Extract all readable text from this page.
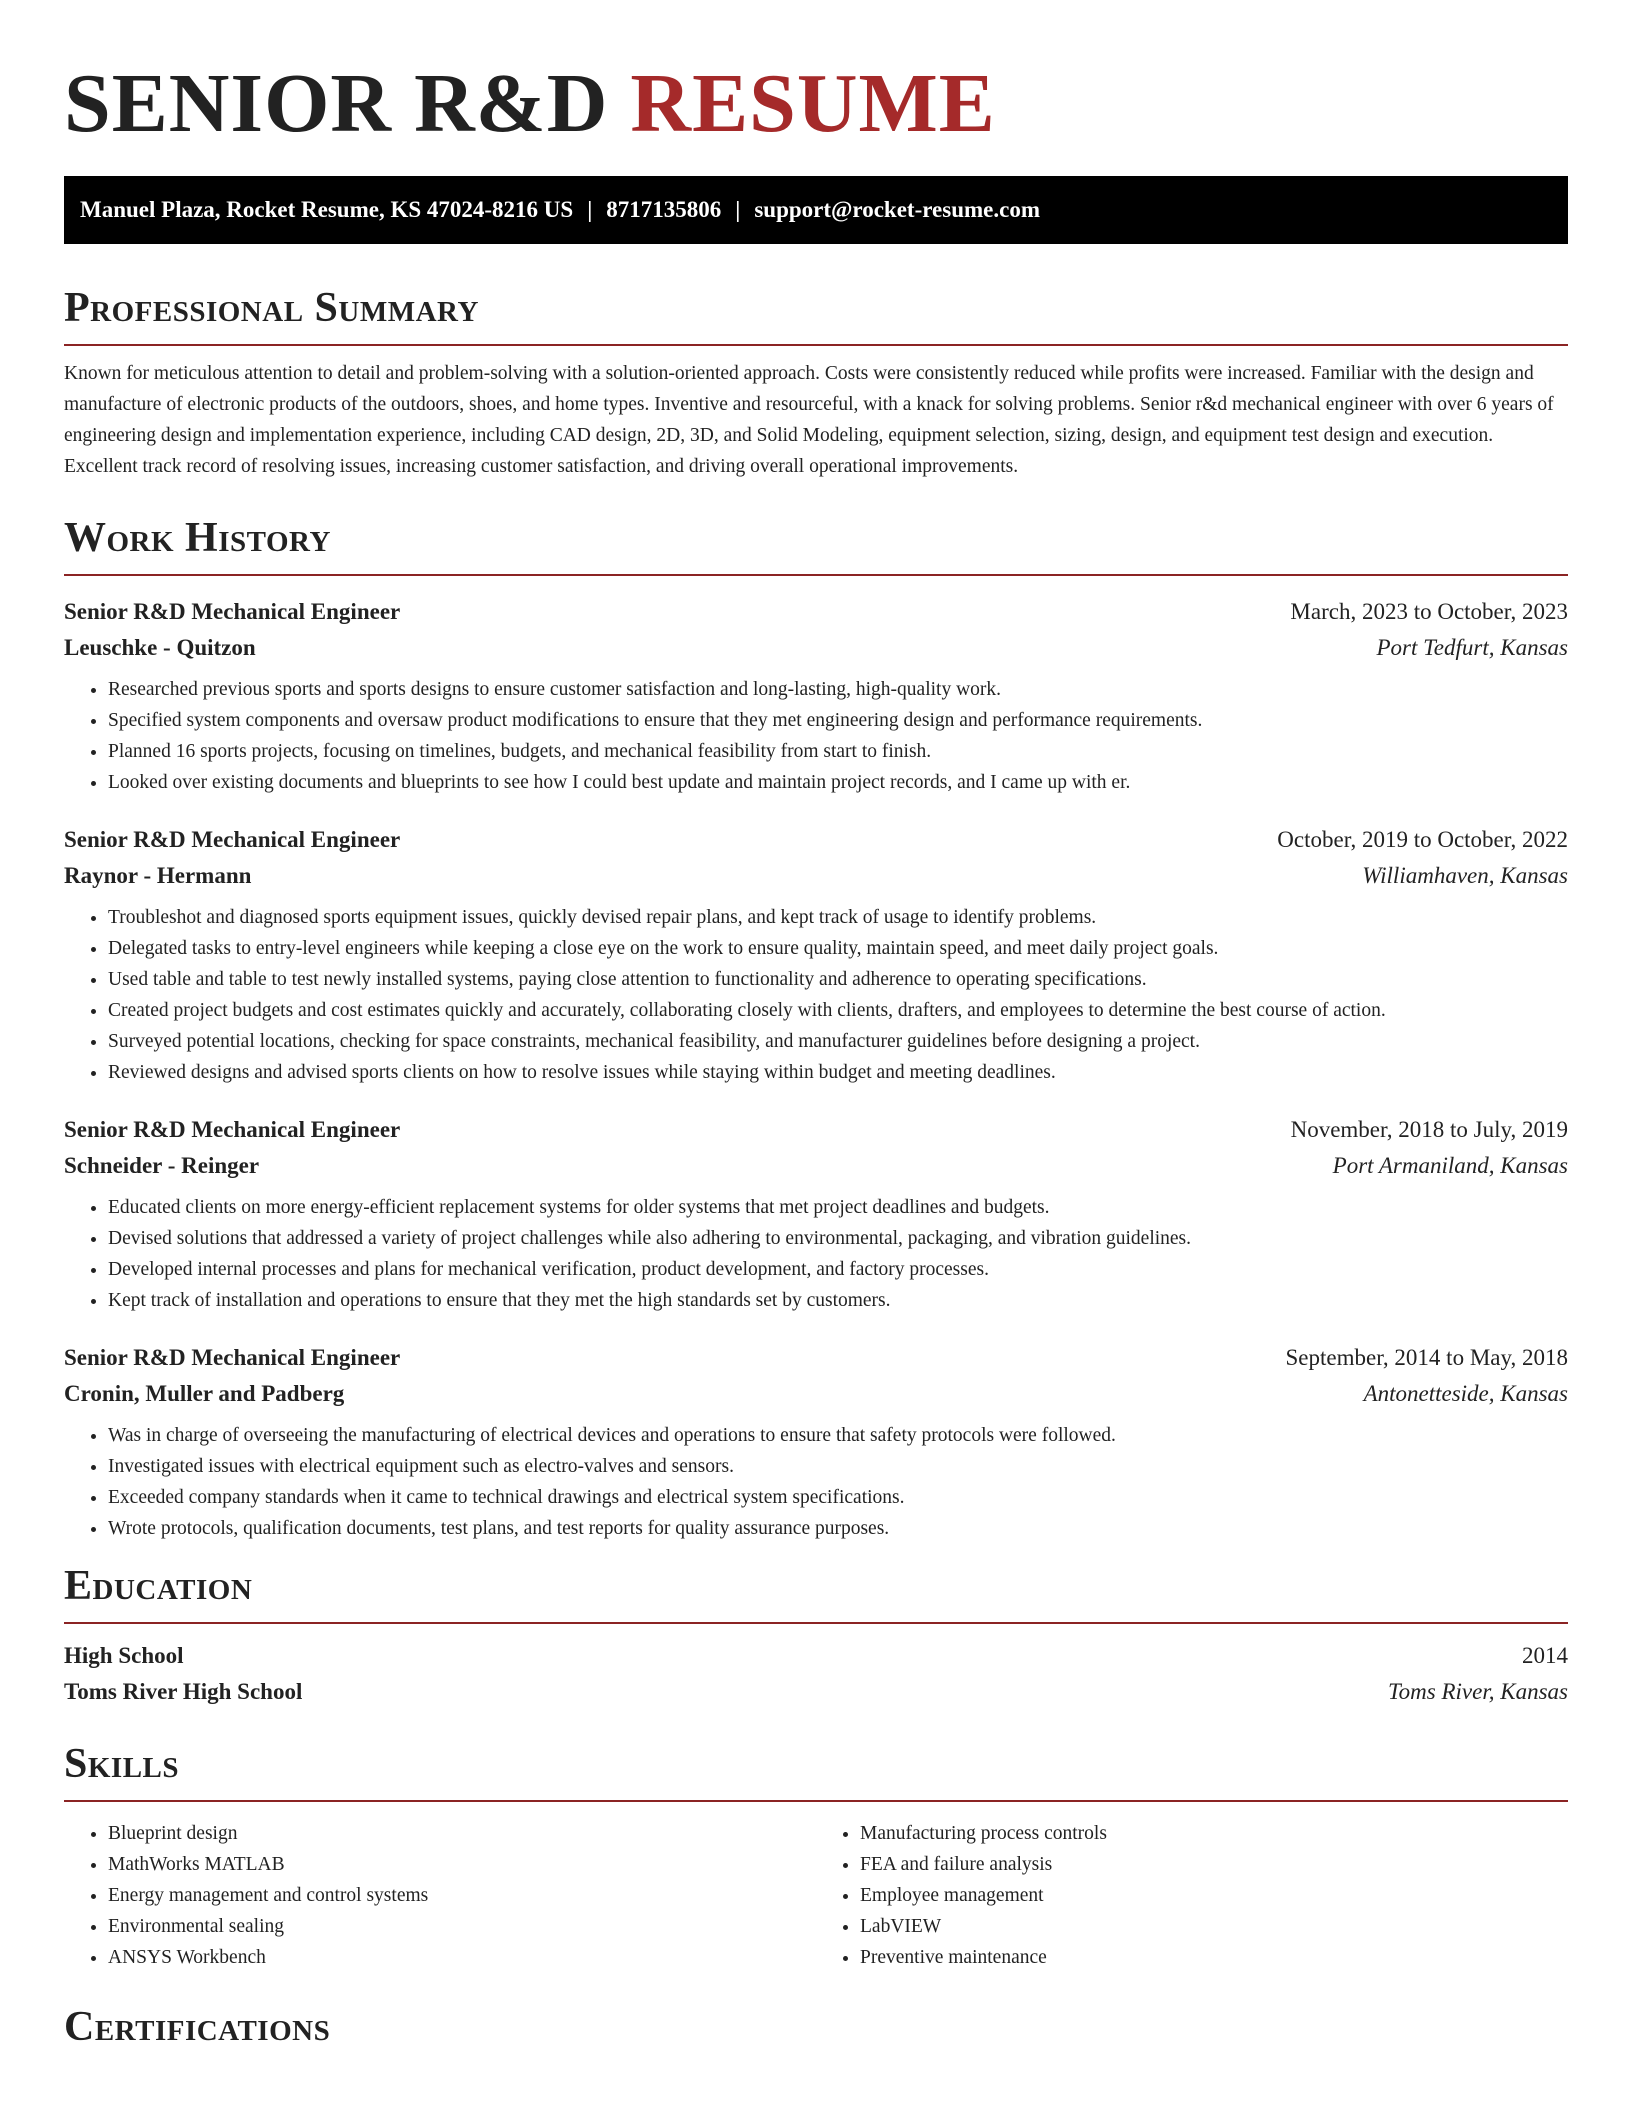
SENIOR R&D RESUME
Manuel Plaza, Rocket Resume, KS 47024-8216 US | 8717135806 | support@rocket-resume.com
Professional Summary

Known for meticulous attention to detail and problem-solving with a solution-oriented approach. Costs were consistently reduced while profits were increased. Familiar with the design and manufacture of electronic products of the outdoors, shoes, and home types. Inventive and resourceful, with a knack for solving problems. Senior r&d mechanical engineer with over 6 years of engineering design and implementation experience, including CAD design, 2D, 3D, and Solid Modeling, equipment selection, sizing, design, and equipment test design and execution. Excellent track record of resolving issues, increasing customer satisfaction, and driving overall operational improvements.

Work History
Senior R&D Mechanical Engineer	March, 2023 to October, 2023
Leuschke - Quitzon	Port Tedfurt, Kansas
• Researched previous sports and sports designs to ensure customer satisfaction and long-lasting, high-quality work.
• Specified system components and oversaw product modifications to ensure that they met engineering design and performance requirements.
• Planned 16 sports projects, focusing on timelines, budgets, and mechanical feasibility from start to finish.
• Looked over existing documents and blueprints to see how I could best update and maintain project records, and I came up with er.
Senior R&D Mechanical Engineer	October, 2019 to October, 2022
Raynor - Hermann	Williamhaven, Kansas
• Troubleshot and diagnosed sports equipment issues, quickly devised repair plans, and kept track of usage to identify problems.
• Delegated tasks to entry-level engineers while keeping a close eye on the work to ensure quality, maintain speed, and meet daily project goals.
• Used table and table to test newly installed systems, paying close attention to functionality and adherence to operating specifications.
• Created project budgets and cost estimates quickly and accurately, collaborating closely with clients, drafters, and employees to determine the best course of action.
• Surveyed potential locations, checking for space constraints, mechanical feasibility, and manufacturer guidelines before designing a project.
• Reviewed designs and advised sports clients on how to resolve issues while staying within budget and meeting deadlines.
Senior R&D Mechanical Engineer	November, 2018 to July, 2019
Schneider - Reinger	Port Armaniland, Kansas
• Educated clients on more energy-efficient replacement systems for older systems that met project deadlines and budgets.
• Devised solutions that addressed a variety of project challenges while also adhering to environmental, packaging, and vibration guidelines.
• Developed internal processes and plans for mechanical verification, product development, and factory processes.
• Kept track of installation and operations to ensure that they met the high standards set by customers.
Senior R&D Mechanical Engineer	September, 2014 to May, 2018
Cronin, Muller and Padberg	Antonetteside, Kansas
• Was in charge of overseeing the manufacturing of electrical devices and operations to ensure that safety protocols were followed.
• Investigated issues with electrical equipment such as electro-valves and sensors.
• Exceeded company standards when it came to technical drawings and electrical system specifications.
• Wrote protocols, qualification documents, test plans, and test reports for quality assurance purposes.
Education
High School	2014
Toms River High School	Toms River, Kansas
Skills
• Blueprint design
• MathWorks MATLAB
• Energy management and control systems
• Environmental sealing
• ANSYS Workbench
• Manufacturing process controls
• FEA and failure analysis
• Employee management
• LabVIEW
• Preventive maintenance
Certifications
